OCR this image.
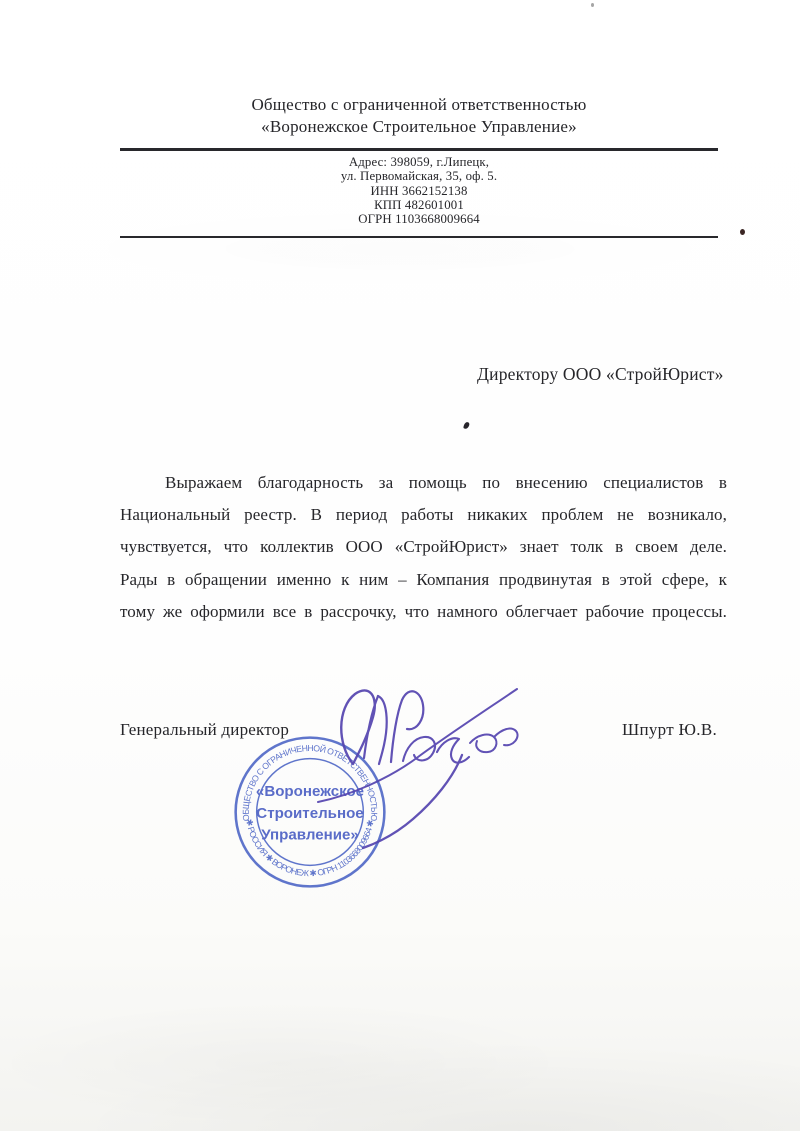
Общество с ограниченной ответственностью
«Воронежское Строительное Управление»
Адрес: 398059, г.Липецк,
ул. Первомайская, 35, оф. 5.
ИНН 3662152138
КПП 482601001
ОГРН 1103668009664
Директору ООО «СтройЮрист»
Выражаем благодарность за помощь по внесению специалистов в
Национальный реестр. В период работы никаких проблем не возникало,
чувствуется, что коллектив ООО «СтройЮрист» знает толк в своем деле.
Рады в обращении именно к ним – Компания продвинутая в этой сфере, к
тому же оформили все в рассрочку, что намного облегчает рабочие процессы.
Генеральный директор	Шпурт Ю.В.
ОБЩЕСТВО С ОГРАНИЧЕННОЙ ОТВЕТСТВЕННОСТЬЮ
✱ РОССИЯ ✱ ВОРОНЕЖ ✱ ОГРН 1103668009664 ✱
«Воронежское
Строительное
Управление»
